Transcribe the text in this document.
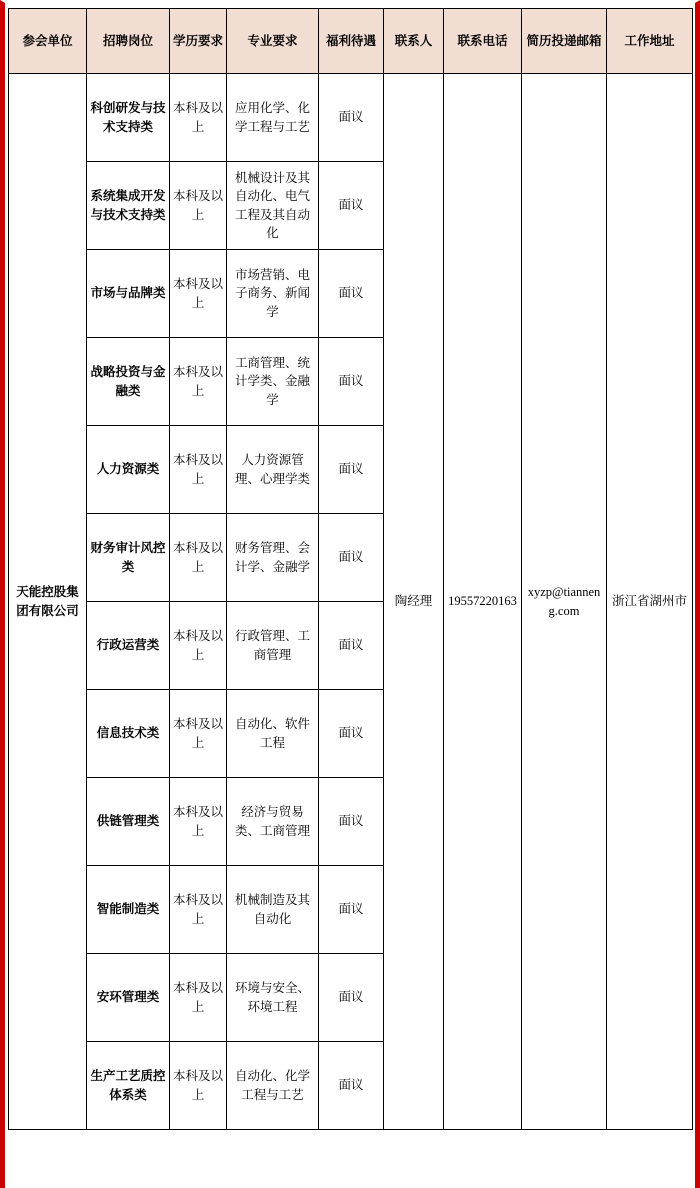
参会单位	招聘岗位	学历要求	专业要求	福利待遇	联系人	联系电话	简历投递邮箱	工作地址
天能控股集团有限公司	科创研发与技术支持类	本科及以上	应用化学、化学工程与工艺	面议	陶经理	19557220163	xyzp@tianneng.com	浙江省湖州市
	系统集成开发与技术支持类	本科及以上	机械设计及其自动化、电气工程及其自动化	面议				
	市场与品牌类	本科及以上	市场营销、电子商务、新闻学	面议				
	战略投资与金融类	本科及以上	工商管理、统计学类、金融学	面议				
	人力资源类	本科及以上	人力资源管理、心理学类	面议				
	财务审计风控类	本科及以上	财务管理、会计学、金融学	面议				
	行政运营类	本科及以上	行政管理、工商管理	面议				
	信息技术类	本科及以上	自动化、软件工程	面议				
	供链管理类	本科及以上	经济与贸易类、工商管理	面议				
	智能制造类	本科及以上	机械制造及其自动化	面议				
	安环管理类	本科及以上	环境与安全、环境工程	面议				
	生产工艺质控体系类	本科及以上	自动化、化学工程与工艺	面议				
